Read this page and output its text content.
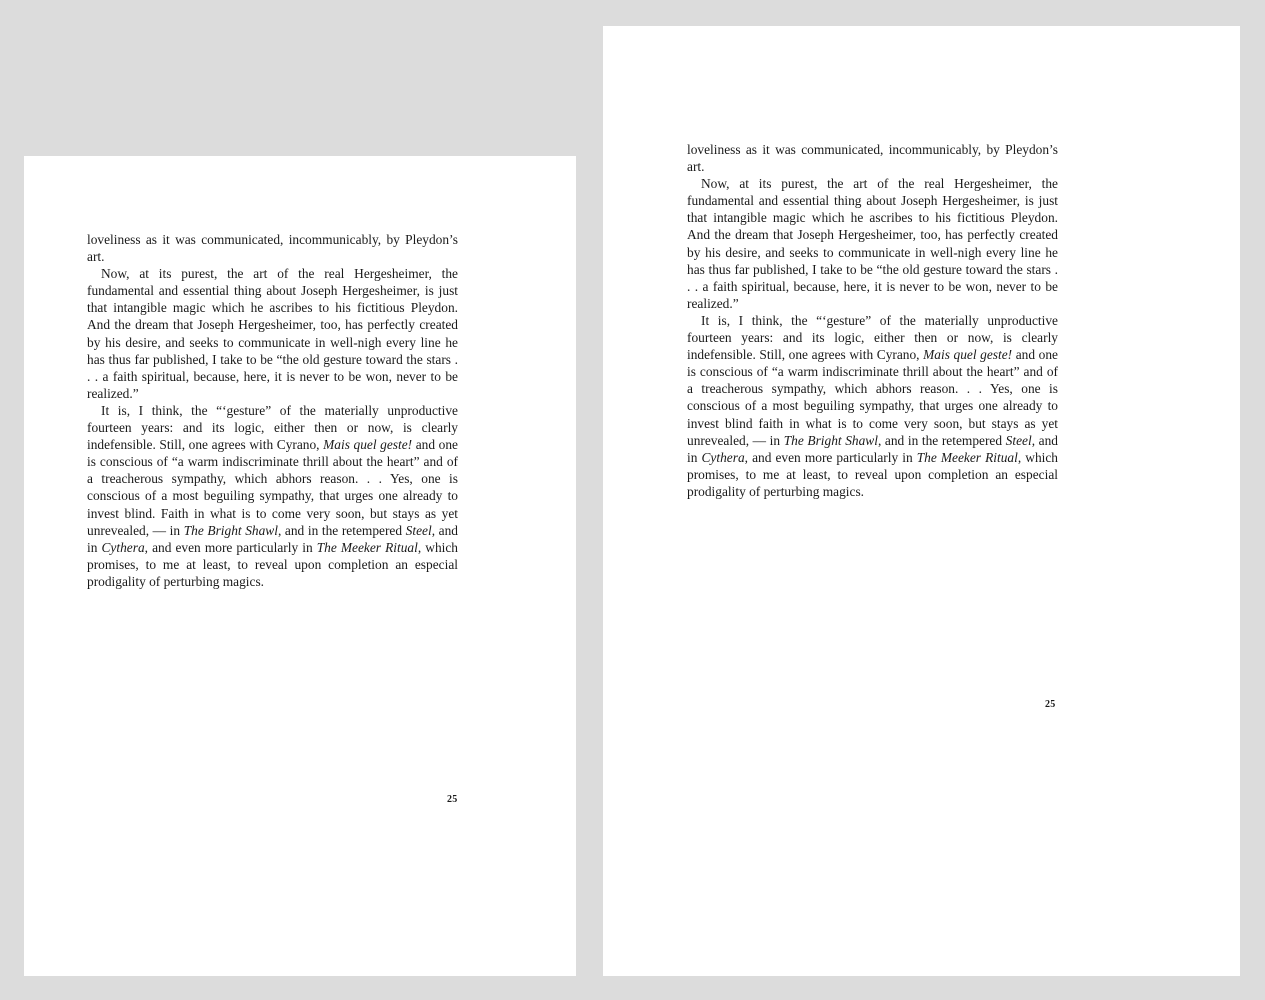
loveliness as it was communicated, incommunicably, by Pleydon’s art.

Now, at its purest, the art of the real Hergesheimer, the fundamental and essential thing about Joseph Hergesheimer, is just that intangible magic which he ascribes to his fictitious Pleydon. And the dream that Joseph Hergesheimer, too, has perfectly created by his desire, and seeks to communicate in well-nigh every line he has thus far published, I take to be “the old gesture toward the stars . . . a faith spiritual, because, here, it is never to be won, never to be realized.”

It is, I think, the “‘gesture” of the materially unproductive fourteen years: and its logic, either then or now, is clearly indefensible. Still, one agrees with Cyrano, Mais quel geste! and one is conscious of “a warm indiscriminate thrill about the heart” and of a treacherous sympathy, which abhors reason. . . Yes, one is conscious of a most beguiling sympathy, that urges one already to invest blind. Faith in what is to come very soon, but stays as yet unrevealed, — in The Bright Shawl, and in the retempered Steel, and in Cythera, and even more particularly in The Meeker Ritual, which promises, to me at least, to reveal upon completion an especial prodigality of perturbing magics.

25

loveliness as it was communicated, incommunicably, by Pleydon’s art.

Now, at its purest, the art of the real Hergesheimer, the fundamental and essential thing about Joseph Hergesheimer, is just that intangible magic which he ascribes to his fictitious Pleydon. And the dream that Joseph Hergesheimer, too, has perfectly created by his desire, and seeks to communicate in well-nigh every line he has thus far published, I take to be “the old gesture toward the stars . . . a faith spiritual, because, here, it is never to be won, never to be realized.”

It is, I think, the “‘gesture” of the materially unproductive fourteen years: and its logic, either then or now, is clearly indefensible. Still, one agrees with Cyrano, Mais quel geste! and one is conscious of “a warm indiscriminate thrill about the heart” and of a treacherous sympathy, which abhors reason. . . Yes, one is conscious of a most beguiling sympathy, that urges one already to invest blind faith in what is to come very soon, but stays as yet unrevealed, — in The Bright Shawl, and in the retempered Steel, and in Cythera, and even more particularly in The Meeker Ritual, which promises, to me at least, to reveal upon completion an especial prodigality of perturbing magics.

25
